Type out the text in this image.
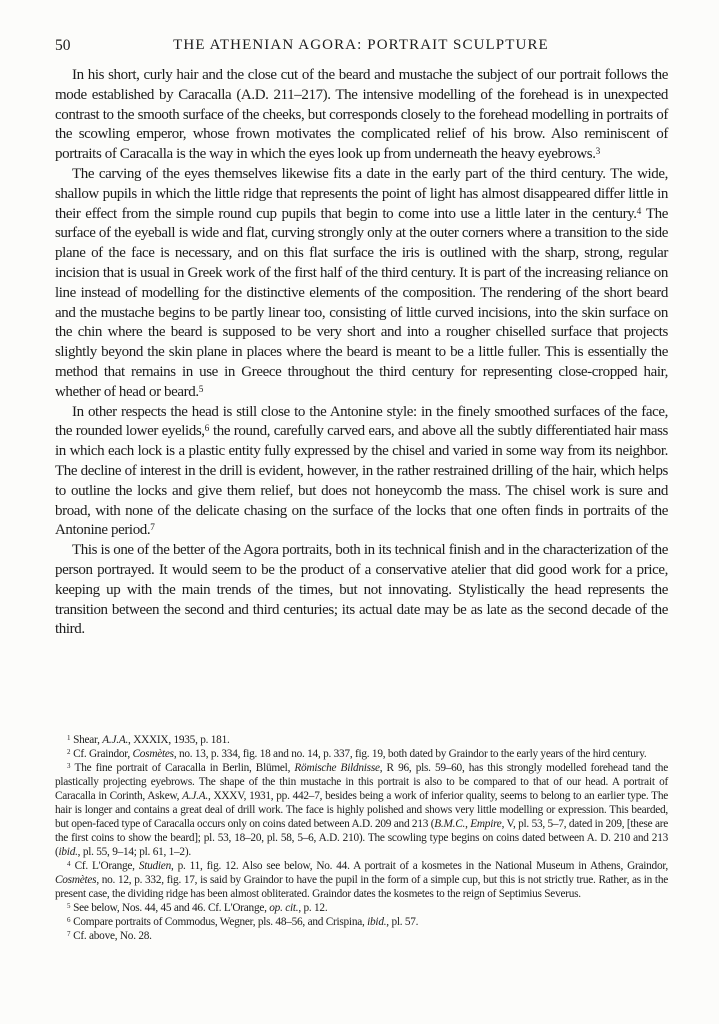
50	THE ATHENIAN AGORA: PORTRAIT SCULPTURE

In his short, curly hair and the close cut of the beard and mustache the subject of our portrait follows the mode established by Caracalla (A.D. 211–217). The intensive modelling of the forehead is in unexpected contrast to the smooth surface of the cheeks, but corresponds closely to the forehead modelling in portraits of the scowling emperor, whose frown motivates the complicated relief of his brow. Also reminiscent of portraits of Caracalla is the way in which the eyes look up from underneath the heavy eyebrows.$^3$

The carving of the eyes themselves likewise fits a date in the early part of the third century. The wide, shallow pupils in which the little ridge that represents the point of light has almost disappeared differ little in their effect from the simple round cup pupils that begin to come into use a little later in the century.$^4$ The surface of the eyeball is wide and flat, curving strongly only at the outer corners where a transition to the side plane of the face is necessary, and on this flat surface the iris is outlined with the sharp, strong, regular incision that is usual in Greek work of the first half of the third century. It is part of the increasing reliance on line instead of modelling for the distinctive elements of the composition. The rendering of the short beard and the mustache begins to be partly linear too, consisting of little curved incisions, into the skin surface on the chin where the beard is supposed to be very short and into a rougher chiselled surface that projects slightly beyond the skin plane in places where the beard is meant to be a little fuller. This is essentially the method that remains in use in Greece throughout the third century for representing close-cropped hair, whether of head or beard.$^5$

In other respects the head is still close to the Antonine style: in the finely smoothed surfaces of the face, the rounded lower eyelids,$^6$ the round, carefully carved ears, and above all the subtly differentiated hair mass in which each lock is a plastic entity fully expressed by the chisel and varied in some way from its neighbor. The decline of interest in the drill is evident, however, in the rather restrained drilling of the hair, which helps to outline the locks and give them relief, but does not honeycomb the mass. The chisel work is sure and broad, with none of the delicate chasing on the surface of the locks that one often finds in portraits of the Antonine period.$^7$

This is one of the better of the Agora portraits, both in its technical finish and in the characterization of the person portrayed. It would seem to be the product of a conservative atelier that did good work for a price, keeping up with the main trends of the times, but not innovating. Stylistically the head represents the transition between the second and third centuries; its actual date may be as late as the second decade of the third.

$^1$ Shear, A.J.A., XXXIX, 1935, p. 181.

$^2$ Cf. Graindor, Cosmètes, no. 13, p. 334, fig. 18 and no. 14, p. 337, fig. 19, both dated by Graindor to the early years of the hird century.

$^3$ The fine portrait of Caracalla in Berlin, Blümel, Römische Bildnisse, R 96, pls. 59–60, has this strongly modelled forehead tand the plastically projecting eyebrows. The shape of the thin mustache in this portrait is also to be compared to that of our head. A portrait of Caracalla in Corinth, Askew, A.J.A., XXXV, 1931, pp. 442–7, besides being a work of inferior quality, seems to belong to an earlier type. The hair is longer and contains a great deal of drill work. The face is highly polished and shows very little modelling or expression. This bearded, but open-faced type of Caracalla occurs only on coins dated between A.D. 209 and 213 (B.M.C., Empire, V, pl. 53, 5–7, dated in 209, [these are the first coins to show the beard]; pl. 53, 18–20, pl. 58, 5–6, A.D. 210). The scowling type begins on coins dated between A. D. 210 and 213 (ibid., pl. 55, 9–14; pl. 61, 1–2).

$^4$ Cf. L'Orange, Studien, p. 11, fig. 12. Also see below, No. 44. A portrait of a kosmetes in the National Museum in Athens, Graindor, Cosmètes, no. 12, p. 332, fig. 17, is said by Graindor to have the pupil in the form of a simple cup, but this is not strictly true. Rather, as in the present case, the dividing ridge has been almost obliterated. Graindor dates the kosmetes to the reign of Septimius Severus.

$^5$ See below, Nos. 44, 45 and 46. Cf. L'Orange, op. cit., p. 12.

$^6$ Compare portraits of Commodus, Wegner, pls. 48–56, and Crispina, ibid., pl. 57.

$^7$ Cf. above, No. 28.
